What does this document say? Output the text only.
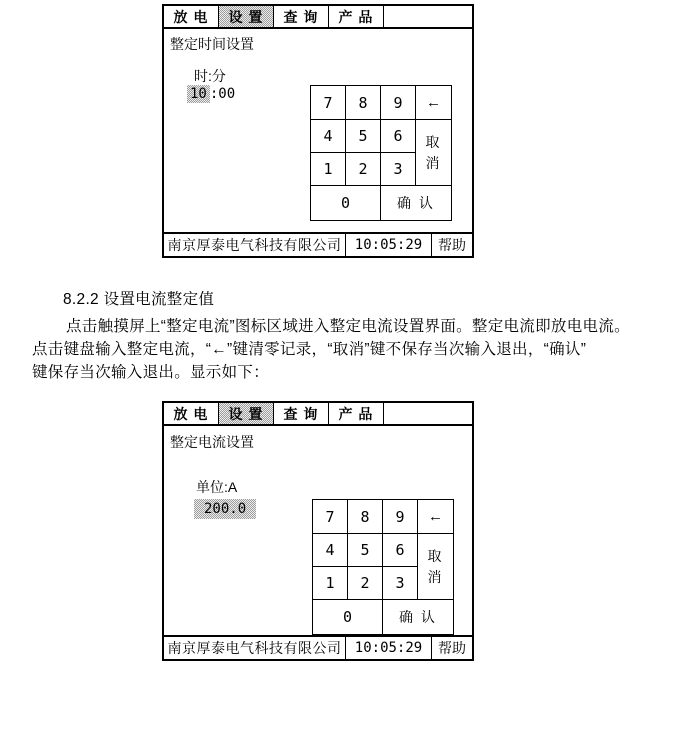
放 电	设 置	查 询	产 品
整定时间设置
时:分
10 :00	7	8	9	←
4	5	6	取
消
1	2	3
0	确 认
南京厚泰电气科技有限公司 10:05:29	帮助
8.2.2 设置电流整定值
点击触摸屏上“整定电流”图标区域进入整定电流设置界面。整定电流即放电电流。
点击键盘输入整定电流，“←”键清零记录，“取消”键不保存当次输入退出，“确认”
键保存当次输入退出。显示如下：
放 电	设 置	查 询	产 品
整定电流设置
单位:A
200.0	7	8	9	←
4	5	6	取
消
1	2	3
0	确 认
南京厚泰电气科技有限公司 10:05:29	帮助
